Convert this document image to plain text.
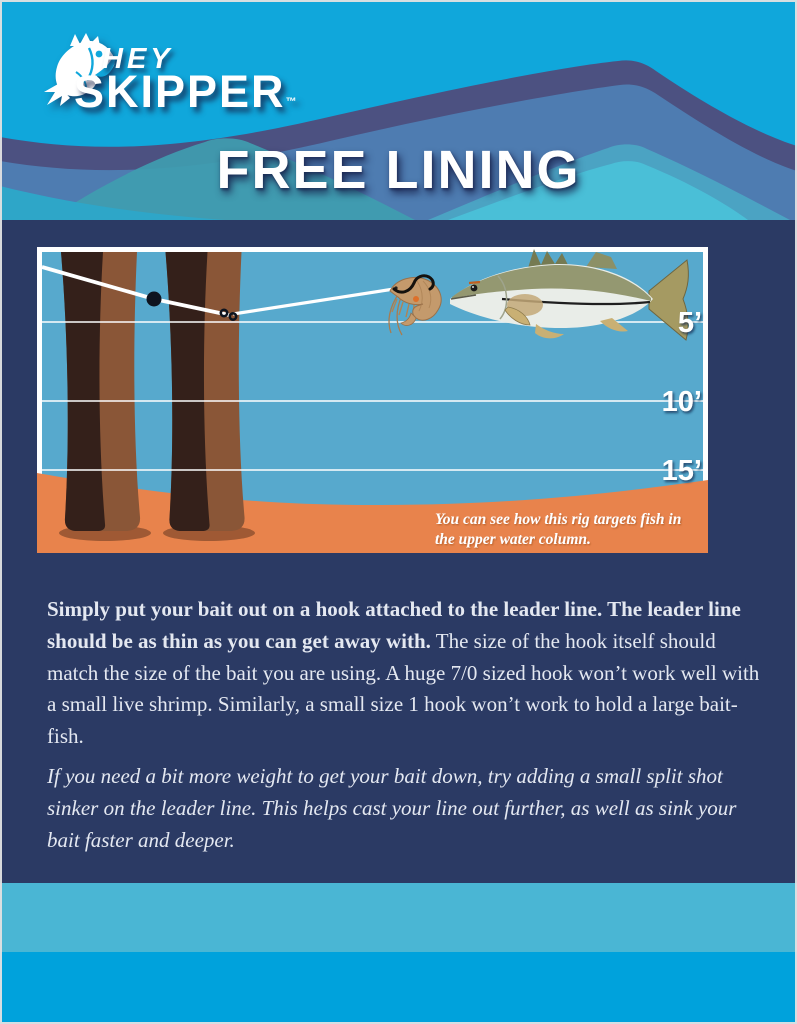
HEY
SKIPPER™
FREE LINING
You can see how this rig targets fish in
the upper water column.
5’
10’
15’

Simply put your bait out on a hook attached to the leader line. The leader line should be as thin as you can get away with. The size of the hook itself should match the size of the bait you are using. A huge 7/0 sized hook won’t work well with a small live shrimp. Similarly, a small size 1 hook won’t work to hold a large bait-fish.

If you need a bit more weight to get your bait down, try adding a small split shot sinker on the leader line. This helps cast your line out further, as well as sink your bait faster and deeper.
